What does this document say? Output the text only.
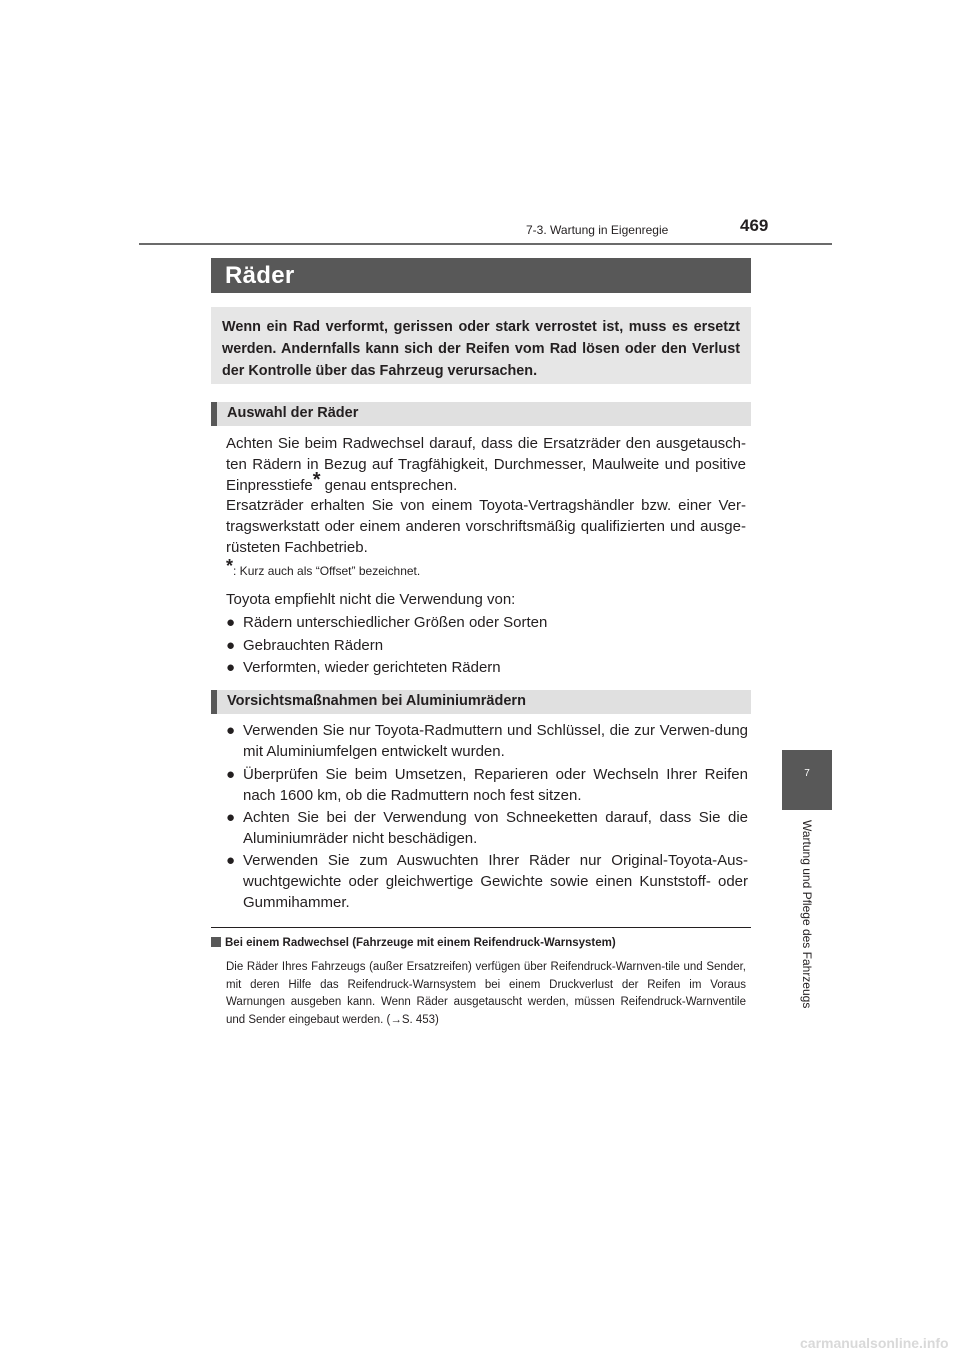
7-3. Wartung in Eigenregie	469
7
Wartung und Pflege des Fahrzeugs
Räder

Wenn ein Rad verformt, gerissen oder stark verrostet ist, muss es ersetzt werden. Andernfalls kann sich der Reifen vom Rad lösen oder den Verlust der Kontrolle über das Fahrzeug verursachen.

Auswahl der Räder

Achten Sie beim Radwechsel darauf, dass die Ersatzräder den ausgetausch-ten Rädern in Bezug auf Tragfähigkeit, Durchmesser, Maulweite und positive Einpresstiefe* genau entsprechen.

Ersatzräder erhalten Sie von einem Toyota-Vertragshändler bzw. einer Ver-tragswerkstatt oder einem anderen vorschriftsmäßig qualifizierten und ausge-rüsteten Fachbetrieb.

*: Kurz auch als “Offset” bezeichnet.

Toyota empfiehlt nicht die Verwendung von:

● Rädern unterschiedlicher Größen oder Sorten
● Gebrauchten Rädern
● Verformten, wieder gerichteten Rädern
Vorsichtsmaßnahmen bei Aluminiumrädern
● Verwenden Sie nur Toyota-Radmuttern und Schlüssel, die zur Verwen-dung mit Aluminiumfelgen entwickelt wurden.
● Überprüfen Sie beim Umsetzen, Reparieren oder Wechseln Ihrer Reifen nach 1600 km, ob die Radmuttern noch fest sitzen.
● Achten Sie bei der Verwendung von Schneeketten darauf, dass Sie die Aluminiumräder nicht beschädigen.
● Verwenden Sie zum Auswuchten Ihrer Räder nur Original-Toyota-Aus-wuchtgewichte oder gleichwertige Gewichte sowie einen Kunststoff- oder Gummihammer.

Bei einem Radwechsel (Fahrzeuge mit einem Reifendruck-Warnsystem)

Die Räder Ihres Fahrzeugs (außer Ersatzreifen) verfügen über Reifendruck-Warnven-tile und Sender, mit deren Hilfe das Reifendruck-Warnsystem bei einem Druckverlust der Reifen im Voraus Warnungen ausgeben kann. Wenn Räder ausgetauscht werden, müssen Reifendruck-Warnventile und Sender eingebaut werden. (→S. 453)

carmanualsonline.info
